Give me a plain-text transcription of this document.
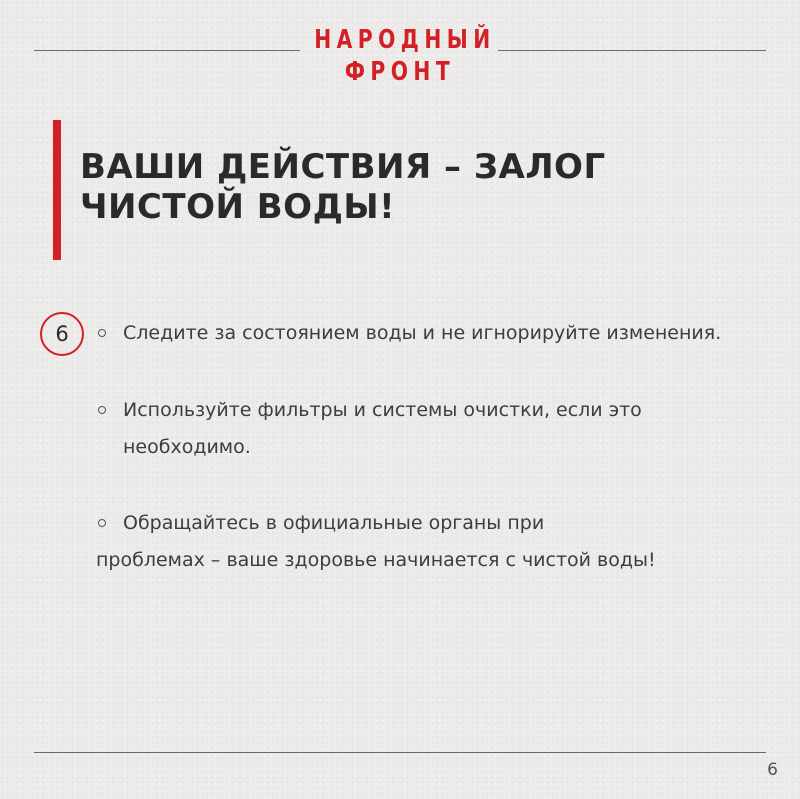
НАРОДНЫЙ
ФРОНТ
ВАШИ ДЕЙСТВИЯ – ЗАЛОГ
ЧИСТОЙ ВОДЫ!
6	Следите за состоянием воды и не игнорируйте изменения.
Используйте фильтры и системы очистки, если это
необходимо.
Обращайтесь в официальные органы при
проблемах – ваше здоровье начинается с чистой воды!
6
